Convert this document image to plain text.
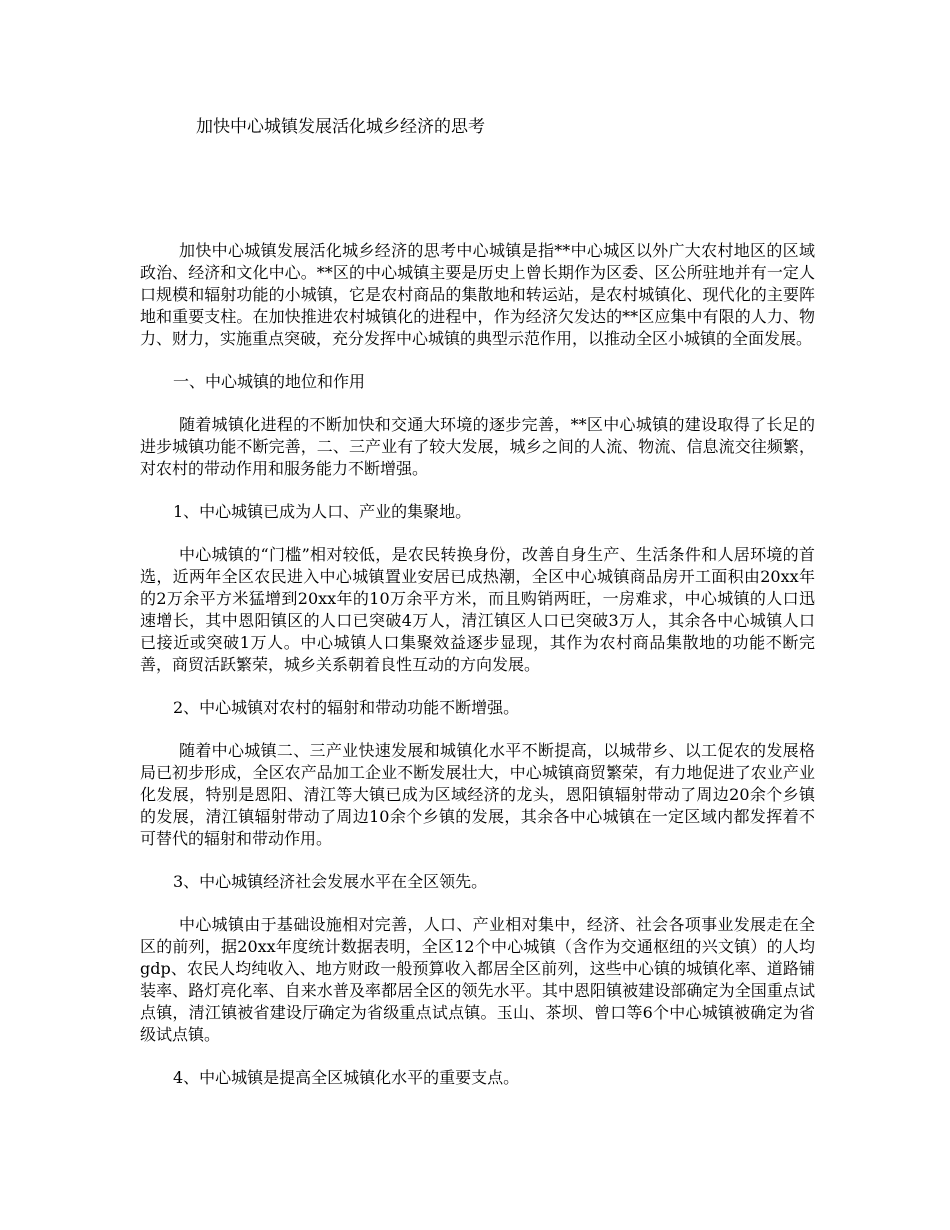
加快中心城镇发展活化城乡经济的思考

加快中心城镇发展活化城乡经济的思考中心城镇是指**中心城区以外广大农村地区的区域政治、经济和文化中心。**区的中心城镇主要是历史上曾长期作为区委、区公所驻地并有一定人口规模和辐射功能的小城镇，它是农村商品的集散地和转运站，是农村城镇化、现代化的主要阵地和重要支柱。在加快推进农村城镇化的进程中，作为经济欠发达的**区应集中有限的人力、物力、财力，实施重点突破，充分发挥中心城镇的典型示范作用，以推动全区小城镇的全面发展。

一、中心城镇的地位和作用

随着城镇化进程的不断加快和交通大环境的逐步完善，**区中心城镇的建设取得了长足的进步城镇功能不断完善，二、三产业有了较大发展，城乡之间的人流、物流、信息流交往频繁，对农村的带动作用和服务能力不断增强。

1、中心城镇已成为人口、产业的集聚地。

中心城镇的“门槛”相对较低，是农民转换身份，改善自身生产、生活条件和人居环境的首选，近两年全区农民进入中心城镇置业安居已成热潮，全区中心城镇商品房开工面积由20xx年的2万余平方米猛增到20xx年的10万余平方米，而且购销两旺，一房难求，中心城镇的人口迅速增长，其中恩阳镇区的人口已突破4万人，清江镇区人口已突破3万人，其余各中心城镇人口已接近或突破1万人。中心城镇人口集聚效益逐步显现，其作为农村商品集散地的功能不断完善，商贸活跃繁荣，城乡关系朝着良性互动的方向发展。

2、中心城镇对农村的辐射和带动功能不断增强。

随着中心城镇二、三产业快速发展和城镇化水平不断提高，以城带乡、以工促农的发展格局已初步形成，全区农产品加工企业不断发展壮大，中心城镇商贸繁荣，有力地促进了农业产业化发展，特别是恩阳、清江等大镇已成为区域经济的龙头，恩阳镇辐射带动了周边20余个乡镇的发展，清江镇辐射带动了周边10余个乡镇的发展，其余各中心城镇在一定区域内都发挥着不可替代的辐射和带动作用。

3、中心城镇经济社会发展水平在全区领先。

中心城镇由于基础设施相对完善，人口、产业相对集中，经济、社会各项事业发展走在全区的前列，据20xx年度统计数据表明，全区12个中心城镇（含作为交通枢纽的兴文镇）的人均gdp、农民人均纯收入、地方财政一般预算收入都居全区前列，这些中心镇的城镇化率、道路铺装率、路灯亮化率、自来水普及率都居全区的领先水平。其中恩阳镇被建设部确定为全国重点试点镇，清江镇被省建设厅确定为省级重点试点镇。玉山、茶坝、曾口等6个中心城镇被确定为省级试点镇。

4、中心城镇是提高全区城镇化水平的重要支点。
